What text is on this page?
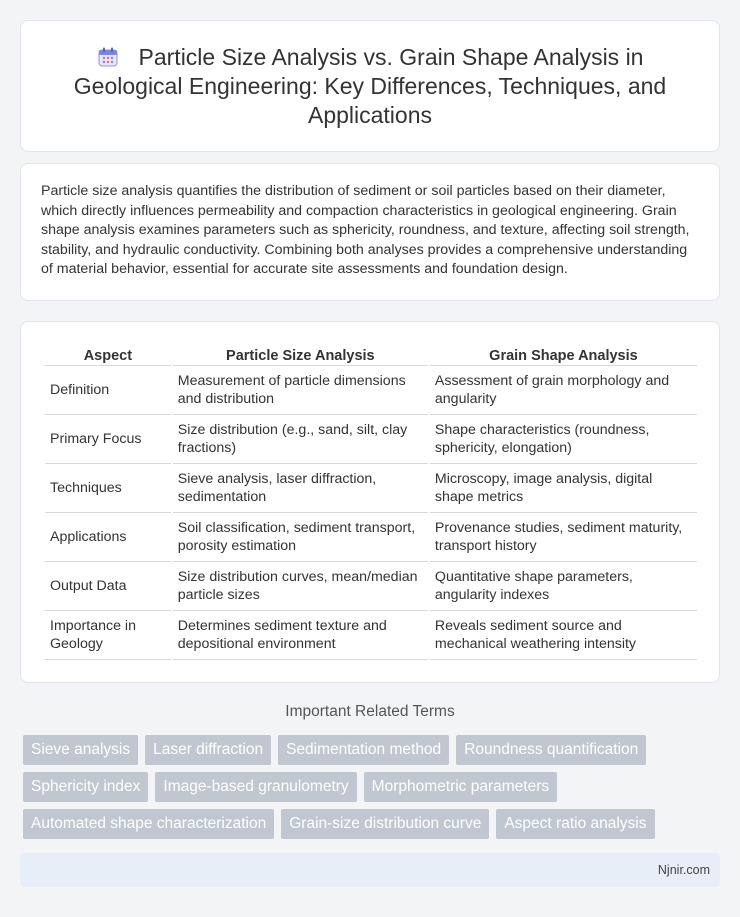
Particle Size Analysis vs. Grain Shape Analysis in Geological Engineering: Key Differences, Techniques, and Applications

Particle size analysis quantifies the distribution of sediment or soil particles based on their diameter, which directly influences permeability and compaction characteristics in geological engineering. Grain shape analysis examines parameters such as sphericity, roundness, and texture, affecting soil strength, stability, and hydraulic conductivity. Combining both analyses provides a comprehensive understanding of material behavior, essential for accurate site assessments and foundation design.

Aspect	Particle Size Analysis	Grain Shape Analysis
Definition	Measurement of particle dimensions and distribution	Assessment of grain morphology and angularity
Primary Focus	Size distribution (e.g., sand, silt, clay fractions)	Shape characteristics (roundness, sphericity, elongation)
Techniques	Sieve analysis, laser diffraction, sedimentation	Microscopy, image analysis, digital shape metrics
Applications	Soil classification, sediment transport, porosity estimation	Provenance studies, sediment maturity, transport history
Output Data	Size distribution curves, mean/median particle sizes	Quantitative shape parameters, angularity indexes
Importance in Geology	Determines sediment texture and depositional environment	Reveals sediment source and mechanical weathering intensity
Important Related Terms
Sieve analysis	Laser diffraction	Sedimentation method	Roundness quantification
Sphericity index	Image-based granulometry	Morphometric parameters
Automated shape characterization	Grain-size distribution curve	Aspect ratio analysis
Njnir.com
